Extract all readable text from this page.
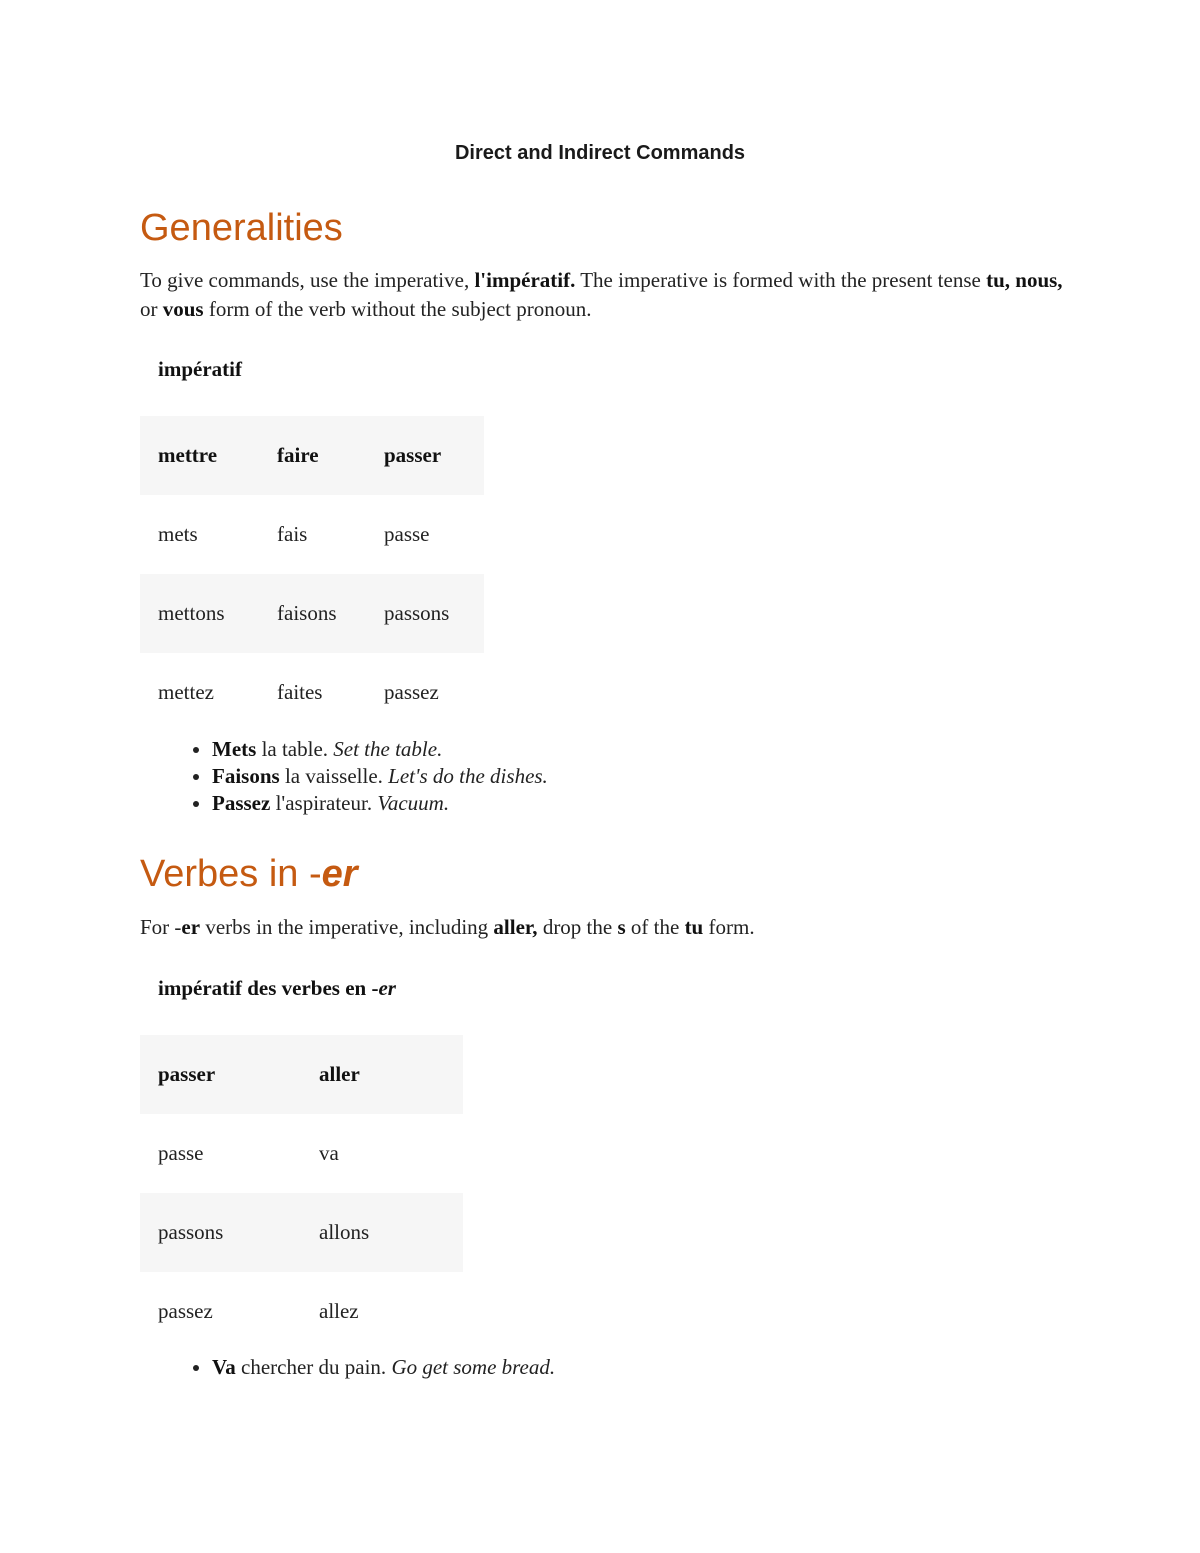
Direct and Indirect Commands
Generalities
To give commands, use the imperative, l'impératif. The imperative is formed with the present tense tu, nous, or vous form of the verb without the subject pronoun.
impératif
mettre	faire	passer
mets	fais	passe
mettons	faisons	passons
mettez	faites	passez
• Mets la table. Set the table.
• Faisons la vaisselle. Let's do the dishes.
• Passez l'aspirateur. Vacuum.
Verbes in -er
For -er verbs in the imperative, including aller, drop the s of the tu form.
impératif des verbes en -er
passer	aller
passe	va
passons	allons
passez	allez
• Va chercher du pain. Go get some bread.
